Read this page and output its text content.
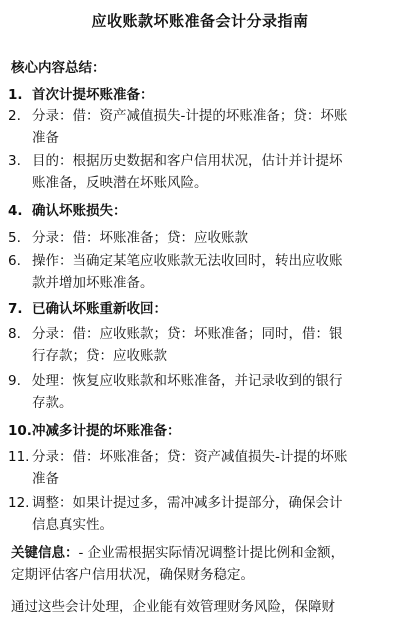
应收账款坏账准备会计分录指南
核心内容总结：
1. 首次计提坏账准备：
2. 分录：借：资产减值损失-计提的坏账准备；贷：坏账
准备
3. 目的：根据历史数据和客户信用状况，估计并计提坏
账准备，反映潜在坏账风险。
4. 确认坏账损失：
5. 分录：借：坏账准备；贷：应收账款
6. 操作：当确定某笔应收账款无法收回时，转出应收账
款并增加坏账准备。
7. 已确认坏账重新收回：
8. 分录：借：应收账款；贷：坏账准备；同时，借：银
行存款；贷：应收账款
9. 处理：恢复应收账款和坏账准备，并记录收到的银行
存款。
10. 冲减多计提的坏账准备：
11. 分录：借：坏账准备；贷：资产减值损失-计提的坏账
准备
12. 调整：如果计提过多，需冲减多计提部分，确保会计
信息真实性。
关键信息：- 企业需根据实际情况调整计提比例和金额，
定期评估客户信用状况，确保财务稳定。
通过这些会计处理，企业能有效管理财务风险，保障财
